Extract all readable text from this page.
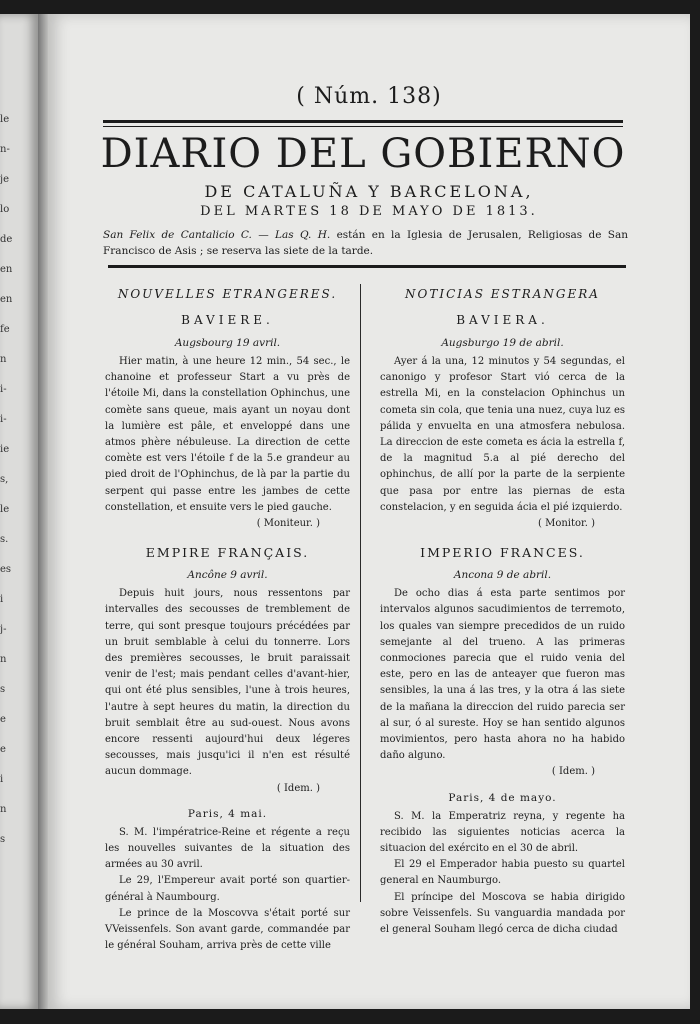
le
n-
je
lo
de
en
en
fe
n
i-
i-
ie
s,
le
s.
es
i
j-
n
s
e
e
i
n
s
( Núm. 138)
DIARIO DEL GOBIERNO
DE CATALUÑA Y BARCELONA,
DEL MARTES 18 DE MAYO DE 1813.
San Felix de Cantalicio C. — Las Q. H. están en la Iglesia de Jerusalen, Religiosas de San Francisco de Asis ; se reserva las siete de la tarde.
NOUVELLES ETRANGERES.
BAVIERE.
Augsbourg 19 avril.

Hier matin, à une heure 12 min., 54 sec., le chanoine et professeur Start a vu près de l'étoile Mi, dans la constellation Ophinchus, une comète sans queue, mais ayant un noyau dont la lumière est pâle, et enveloppé dans une atmos phère nébuleuse. La direction de cette comète est vers l'étoile f de la 5.e grandeur au pied droit de l'Ophinchus, de là par la partie du serpent qui passe entre les jambes de cette constellation, et ensuite vers le pied gauche.

( Moniteur. )

EMPIRE FRANÇAIS.
Ancône 9 avril.

Depuis huit jours, nous ressentons par intervalles des secousses de tremblement de terre, qui sont presque toujours précédées par un bruit semblable à celui du tonnerre. Lors des premières secousses, le bruit paraissait venir de l'est; mais pendant celles d'avant-hier, qui ont été plus sensibles, l'une à trois heures, l'autre à sept heures du matin, la direction du bruit semblait être au sud-ouest. Nous avons encore ressenti aujourd'hui deux légeres secousses, mais jusqu'ici il n'en est résulté aucun dommage.

( Idem. )

Paris, 4 mai.

S. M. l'impératrice-Reine et régente a reçu les nouvelles suivantes de la situation des armées au 30 avril.

Le 29, l'Empereur avait porté son quartier-général à Naumbourg.

Le prince de la Moscovva s'était porté sur VVeissenfels. Son avant garde, commandée par le général Souham, arriva près de cette ville

NOTICIAS ESTRANGERA
BAVIERA.
Augsburgo 19 de abril.

Ayer á la una, 12 minutos y 54 segundas, el canonigo y profesor Start vió cerca de la estrella Mi, en la constelacion Ophinchus un cometa sin cola, que tenia una nuez, cuya luz es pálida y envuelta en una atmosfera nebulosa. La direccion de este cometa es ácia la estrella f, de la magnitud 5.a al pié derecho del ophinchus, de allí por la parte de la serpiente que pasa por entre las piernas de esta constelacion, y en seguida ácia el pié izquierdo.

( Monitor. )

IMPERIO FRANCES.
Ancona 9 de abril.

De ocho dias á esta parte sentimos por intervalos algunos sacudimientos de terremoto, los quales van siempre precedidos de un ruido semejante al del trueno. A las primeras conmociones parecia que el ruido venia del este, pero en las de anteayer que fueron mas sensibles, la una á las tres, y la otra á las siete de la mañana la direccion del ruido parecia ser al sur, ó al sureste. Hoy se han sentido algunos movimientos, pero hasta ahora no ha habido daño alguno.

( Idem. )

Paris, 4 de mayo.

S. M. la Emperatriz reyna, y regente ha recibido las siguientes noticias acerca la situacion del exército en el 30 de abril.

El 29 el Emperador habia puesto su quartel general en Naumburgo.

El príncipe del Moscova se habia dirigido sobre Veissenfels. Su vanguardia mandada por el general Souham llegó cerca de dicha ciudad
